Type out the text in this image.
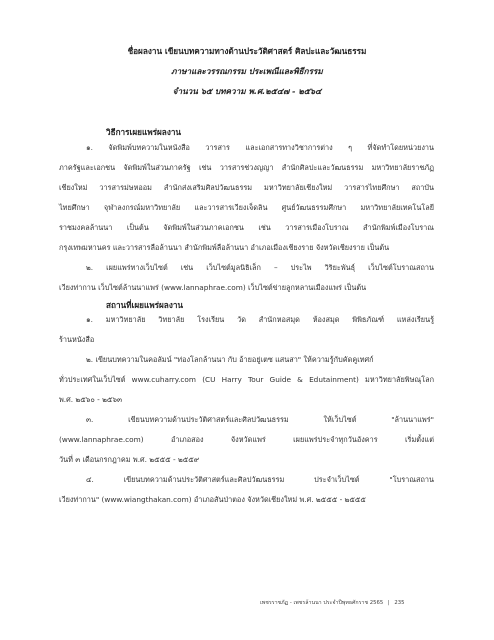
ชื่อผลงาน เขียนบทความทางด้านประวัติศาสตร์ ศิลปะและวัฒนธรรม
ภาษาและวรรณกรรม ประเพณีและพิธีกรรม
จำนวน ๖๕ บทความ พ.ศ.๒๕๔๗ - ๒๕๖๔
วิธีการเผยแพร่ผลงาน
๑. จัดพิมพ์บทความในหนังสือ วารสาร และเอกสารทางวิชาการต่าง ๆ ที่จัดทำโดยหน่วยงาน
ภาครัฐและเอกชน จัดพิมพ์ในส่วนภาครัฐ เช่น วารสารช่วงญญา สำนักศิลปะและวัฒนธรรม มหาวิทยาลัยราชภัฏ
เชียงใหม่ วารสารม่ษหออม สำนักส่งเสริมศิลปวัฒนธรรม มหาวิทยาลัยเชียงใหม่ วารสารไทยศึกษา สถาบัน
ไทยศึกษา จุฬาลงกรณ์มหาวิทยาลัย และวารสารเวียงเจ็ดลิน ศูนย์วัฒนธรรมศึกษา มหาวิทยาลัยเทคโนโลยี
ราชมงคลล้านนา เป็นต้น จัดพิมพ์ในส่วนภาคเอกชน เช่น วารสารเมืองโบราณ สำนักพิมพ์เมืองโบราณ
กรุงเทพมหานคร และวารสารลือล้านนา สำนักพิมพ์ลือล้านนา อำเภอเมืองเชียงราย จังหวัดเชียงราย เป็นต้น
๒. เผยแพร่ทางเว็บไซต์ เช่น เว็บไซต์มูลนิธิเล็ก – ประไพ วิริยะพันธุ์ เว็บไซต์โบราณสถาน
เวียงท่ากาน เว็บไซต์ล้านนาแพร่ (www.lannaphrae.com) เว็บไซต์ข่ายลูกหลานเมืองแพร่ เป็นต้น
สถานที่เผยแพร่ผลงาน
๑. มหาวิทยาลัย วิทยาลัย โรงเรียน วัด สำนักหอสมุด ห้องสมุด พิพิธภัณฑ์ แหล่งเรียนรู้
ร้านหนังสือ
๒. เขียนบทความในคอลัมน์ "ท่องโลกล้านนา กับ อ้ายอยู่เตซ แสนสา" ให้ความรู้กับคัดคูเทศก์
ทั่วประเทศในเว็บไซต์ www.cuharry.com (CU Harry Tour Guide & Edutainment) มหาวิทยาลัยพิษณุโลก
พ.ศ. ๒๕๖๐ - ๒๕๖๓
๓. เขียนบทความด้านประวัติศาสตร์และศิลปวัฒนธรรม ให้เว็บไซต์ "ล้านนาแพร่"
(www.lannaphrae.com) อำเภอสอง จังหวัดแพร่ เผยแพร่ประจำทุกวันอังคาร เริ่มตั้งแต่
วันที่ ๓ เดือนกรกฎาคม พ.ศ. ๒๕๕๕ - ๒๕๕๙
๔. เขียนบทความด้านประวัติศาสตร์และศิลปวัฒนธรรม ประจำเว็บไซต์ "โบราณสถาน
เวียงท่ากาน" (www.wiangthakan.com) อำเภอสันป่าตอง จังหวัดเชียงใหม่ พ.ศ. ๒๕๕๕ - ๒๕๕๕
เพชรราชภัฏ - เพชรล้านนา ประจำปีพุทธศักราช 2565 | 235
